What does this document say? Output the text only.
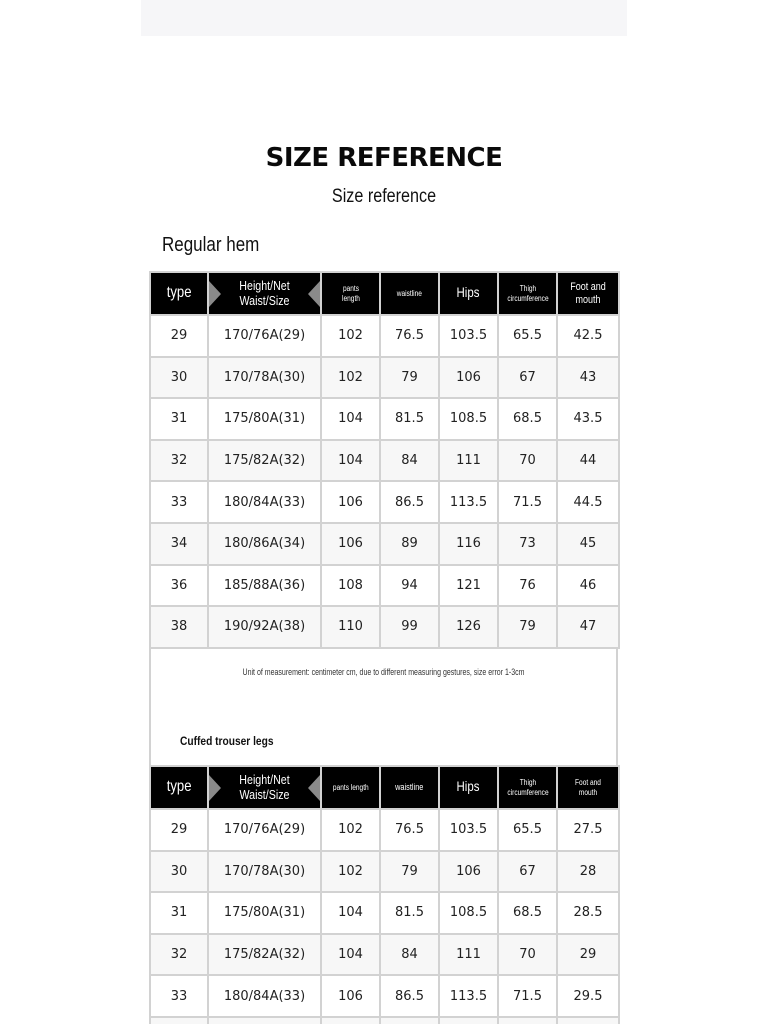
SIZE REFERENCE
Size reference
Regular hem
type	Height/Net Waist/Size	pants length	waistline	Hips	Thigh circumference	Foot and mouth
29	170/76A(29)	102	76.5	103.5	65.5	42.5
30	170/78A(30)	102	79	106	67	43
31	175/80A(31)	104	81.5	108.5	68.5	43.5
32	175/82A(32)	104	84	111	70	44
33	180/84A(33)	106	86.5	113.5	71.5	44.5
34	180/86A(34)	106	89	116	73	45
36	185/88A(36)	108	94	121	76	46
38	190/92A(38)	110	99	126	79	47
Unit of measurement: centimeter cm, due to different measuring gestures, size error 1-3cm
Cuffed trouser legs
type	Height/Net Waist/Size	pants length	waistline	Hips	Thigh circumference	Foot and mouth
29	170/76A(29)	102	76.5	103.5	65.5	27.5
30	170/78A(30)	102	79	106	67	28
31	175/80A(31)	104	81.5	108.5	68.5	28.5
32	175/82A(32)	104	84	111	70	29
33	180/84A(33)	106	86.5	113.5	71.5	29.5
